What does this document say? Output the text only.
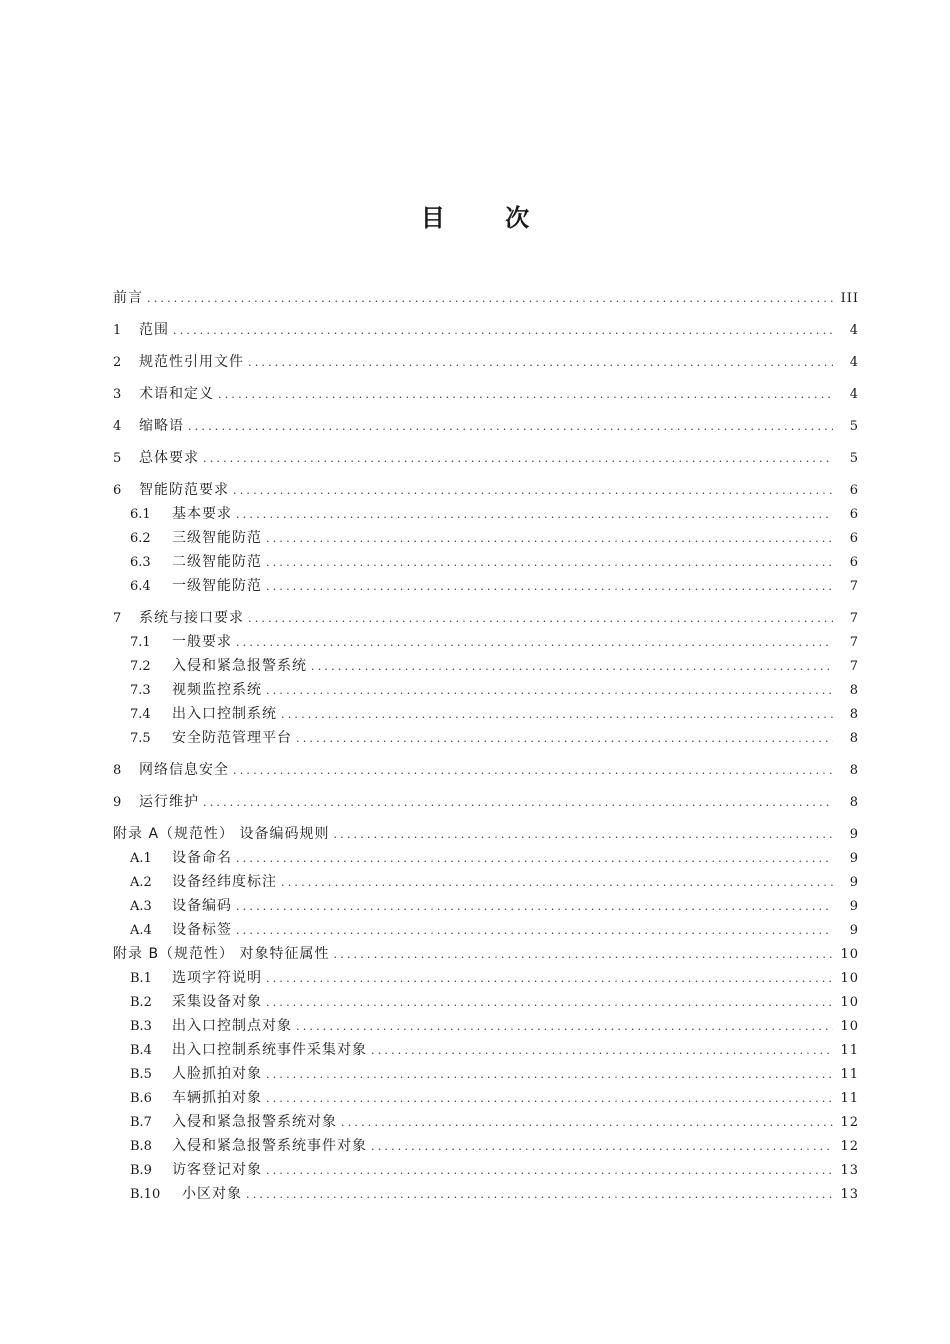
目 次
前言 .....	III
1	范围 .....	4
2	规范性引用文件 .....	4
3	术语和定义 .....	4
4	缩略语 .....	5
5	总体要求 .....	5
6	智能防范要求 .....	6
6.1	基本要求 .....	6
6.2	三级智能防范 .....	6
6.3	二级智能防范 .....	6
6.4	一级智能防范 .....	7
7	系统与接口要求 .....	7
7.1	一般要求 .....	7
7.2	入侵和紧急报警系统 .....	7
7.3	视频监控系统 .....	8
7.4	出入口控制系统 .....	8
7.5	安全防范管理平台 .....	8
8	网络信息安全 .....	8
9	运行维护 .....	8
附录 A（规范性） 设备编码规则 .....	9
A.1	设备命名 .....	9
A.2	设备经纬度标注 .....	9
A.3	设备编码 .....	9
A.4	设备标签 .....	9
附录 B（规范性） 对象特征属性 .....	10
B.1	选项字符说明 .....	10
B.2	采集设备对象 .....	10
B.3	出入口控制点对象 .....	10
B.4	出入口控制系统事件采集对象 .....	11
B.5	人脸抓拍对象 .....	11
B.6	车辆抓拍对象 .....	11
B.7	入侵和紧急报警系统对象 .....	12
B.8	入侵和紧急报警系统事件对象 .....	12
B.9	访客登记对象 .....	13
B.10	小区对象 .....	13
